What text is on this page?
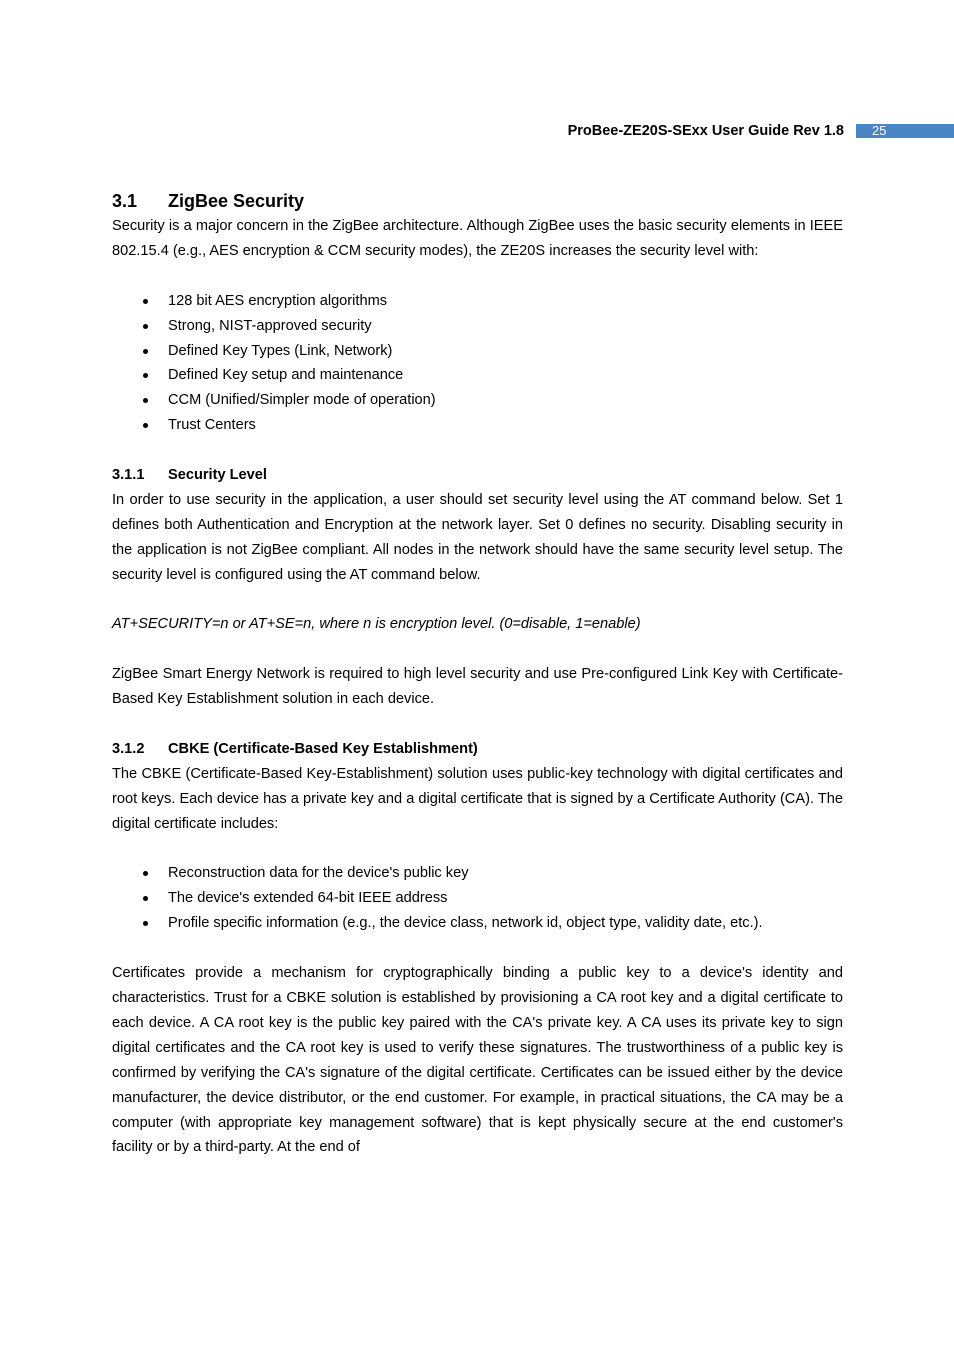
ProBee-ZE20S-SExx User Guide Rev 1.8	25
3.1	ZigBee Security

Security is a major concern in the ZigBee architecture. Although ZigBee uses the basic security elements in IEEE 802.15.4 (e.g., AES encryption & CCM security modes), the ZE20S increases the security level with:

128 bit AES encryption algorithms
Strong, NIST-approved security
Defined Key Types (Link, Network)
Defined Key setup and maintenance
CCM (Unified/Simpler mode of operation)
Trust Centers
3.1.1	Security Level

In order to use security in the application, a user should set security level using the AT command below. Set 1 defines both Authentication and Encryption at the network layer. Set 0 defines no security. Disabling security in the application is not ZigBee compliant. All nodes in the network should have the same security level setup. The security level is configured using the AT command below.

AT+SECURITY=n or AT+SE=n, where n is encryption level. (0=disable, 1=enable)

ZigBee Smart Energy Network is required to high level security and use Pre-configured Link Key with Certificate-Based Key Establishment solution in each device.

3.1.2	CBKE (Certificate-Based Key Establishment)

The CBKE (Certificate-Based Key-Establishment) solution uses public-key technology with digital certificates and root keys. Each device has a private key and a digital certificate that is signed by a Certificate Authority (CA). The digital certificate includes:

Reconstruction data for the device's public key
The device's extended 64-bit IEEE address
Profile specific information (e.g., the device class, network id, object type, validity date, etc.).

Certificates provide a mechanism for cryptographically binding a public key to a device's identity and characteristics. Trust for a CBKE solution is established by provisioning a CA root key and a digital certificate to each device. A CA root key is the public key paired with the CA's private key. A CA uses its private key to sign digital certificates and the CA root key is used to verify these signatures. The trustworthiness of a public key is confirmed by verifying the CA's signature of the digital certificate. Certificates can be issued either by the device manufacturer, the device distributor, or the end customer. For example, in practical situations, the CA may be a computer (with appropriate key management software) that is kept physically secure at the end customer's facility or by a third-party. At the end of
